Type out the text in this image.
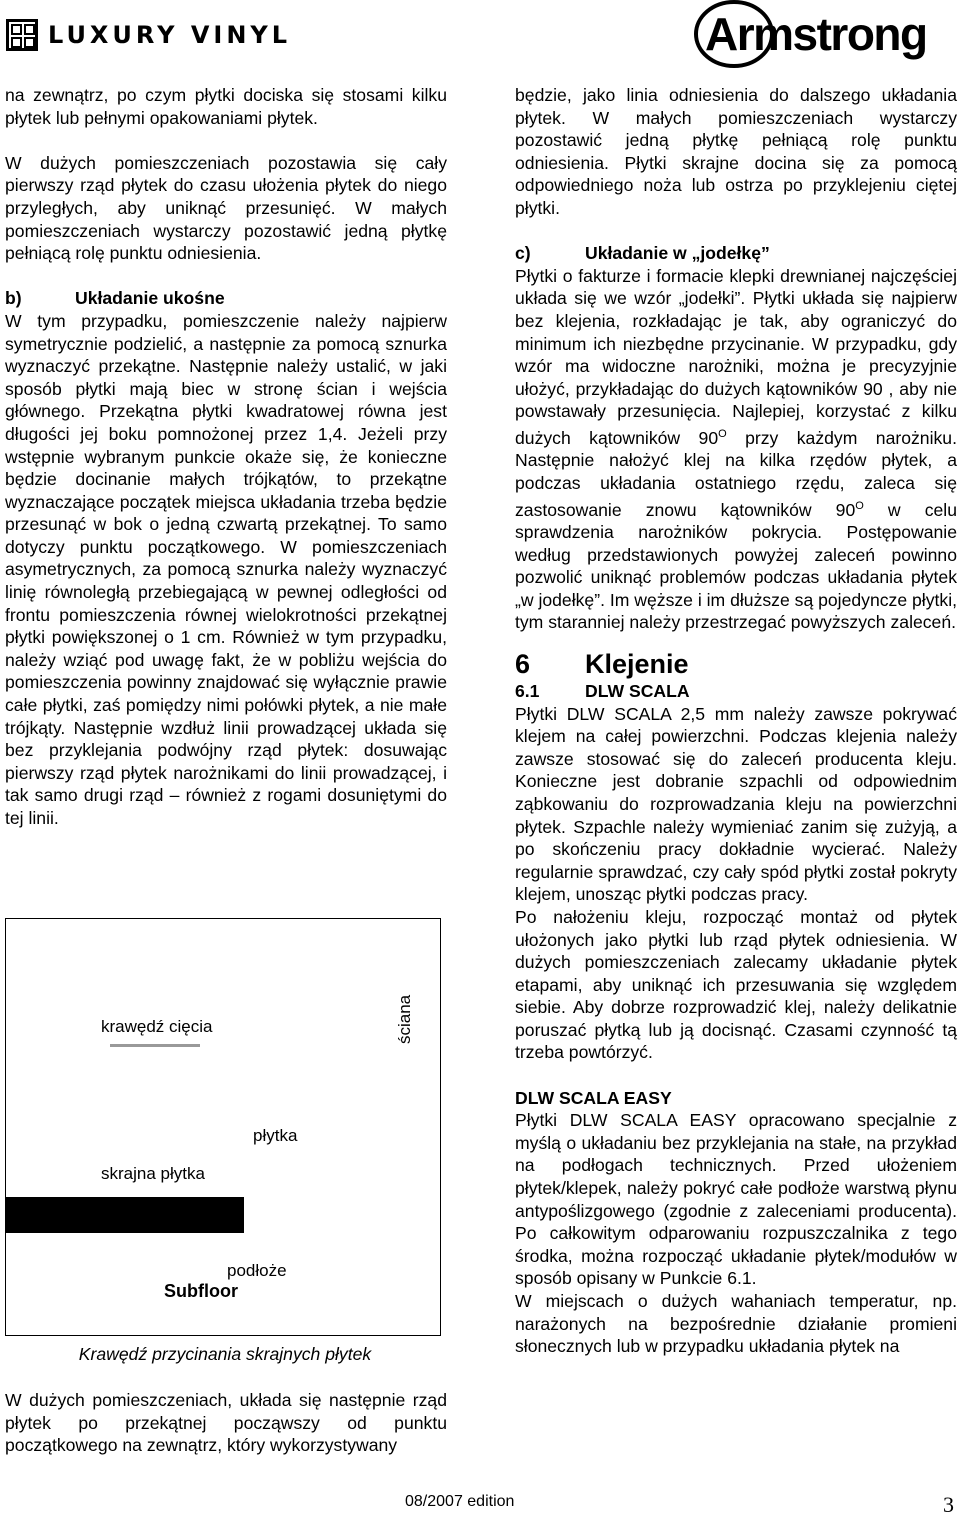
LUXURY VINYL	Armstrong

na zewnątrz, po czym płytki dociska się stosami kilku płytek lub pełnymi opakowaniami płytek.

W dużych pomieszczeniach pozostawia się cały pierwszy rząd płytek do czasu ułożenia płytek do niego przyległych, aby uniknąć przesunięć. W małych pomieszczeniach wystarczy pozostawić jedną płytkę pełniącą rolę punktu odniesienia.

b)	Układanie ukośne

W tym przypadku, pomieszczenie należy najpierw symetrycznie podzielić, a następnie za pomocą sznurka wyznaczyć przekątne. Następnie należy ustalić, w jaki sposób płytki mają biec w stronę ścian i wejścia głównego. Przekątna płytki kwadratowej równa jest długości jej boku pomnożonej przez 1,4. Jeżeli przy wstępnie wybranym punkcie okaże się, że konieczne będzie docinanie małych trójkątów, to przekątne wyznaczające początek miejsca układania trzeba będzie przesunąć w bok o jedną czwartą przekątnej. To samo dotyczy punktu początkowego. W pomieszczeniach asymetrycznych, za pomocą sznurka należy wyznaczyć linię równoległą przebiegającą w pewnej odległości od frontu pomieszczenia równej wielokrotności przekątnej płytki powiększonej o 1 cm. Również w tym przypadku, należy wziąć pod uwagę fakt, że w pobliżu wejścia do pomieszczenia powinny znajdować się wyłącznie prawie całe płytki, zaś pomiędzy nimi połówki płytek, a nie małe trójkąty. Następnie wzdłuż linii prowadzącej układa się bez przyklejania podwójny rząd płytek: dosuwając pierwszy rząd płytek narożnikami do linii prowadzącej, i tak samo drugi rząd – również z rogami dosuniętymi do tej linii.

ściana
krawędź cięcia
płytka
skrajna płytka
podłoże
Subfloor
Krawędź przycinania skrajnych płytek
W dużych pomieszczeniach, układa się następnie rząd płytek po przekątnej począwszy od punktu początkowego na zewnątrz, który wykorzystywany

będzie, jako linia odniesienia do dalszego układania płytek. W małych pomieszczeniach wystarczy pozostawić jedną płytkę pełniącą rolę punktu odniesienia. Płytki skrajne docina się za pomocą odpowiedniego noża lub ostrza po przyklejeniu ciętej płytki.

c)	Układanie w „jodełkę”

Płytki o fakturze i formacie klepki drewnianej najczęściej układa się we wzór „jodełki”. Płytki układa się najpierw bez klejenia, rozkładając je tak, aby ograniczyć do minimum ich niezbędne przycinanie. W przypadku, gdy wzór ma widoczne narożniki, można je precyzyjnie ułożyć, przykładając do dużych kątowników 90 , aby nie powstawały przesunięcia. Najlepiej, korzystać z kilku dużych kątowników $90^O$ przy każdym narożniku. Następnie nałożyć klej na kilka rzędów płytek, a podczas układania ostatniego rzędu, zaleca się zastosowanie znowu kątowników $90^O$ w celu sprawdzenia narożników pokrycia. Postępowanie według przedstawionych powyżej zaleceń powinno pozwolić uniknąć problemów podczas układania płytek „w jodełkę”. Im węższe i im dłuższe są pojedyncze płytki, tym staranniej należy przestrzegać powyższych zaleceń.

6	Klejenie
6.1	DLW SCALA

Płytki DLW SCALA 2,5 mm należy zawsze pokrywać klejem na całej powierzchni. Podczas klejenia należy zawsze stosować się do zaleceń producenta kleju. Konieczne jest dobranie szpachli od odpowiednim ząbkowaniu do rozprowadzania kleju na powierzchni płytek. Szpachle należy wymieniać zanim się zużyją, a po skończeniu pracy dokładnie wycierać. Należy regularnie sprawdzać, czy cały spód płytki został pokryty klejem, unosząc płytki podczas pracy.

Po nałożeniu kleju, rozpocząć montaż od płytek ułożonych jako płytki lub rząd płytek odniesienia. W dużych pomieszczeniach zalecamy układanie płytek etapami, aby uniknąć ich przesuwania się względem siebie. Aby dobrze rozprowadzić klej, należy delikatnie poruszać płytką lub ją docisnąć. Czasami czynność tą trzeba powtórzyć.

DLW SCALA EASY

Płytki DLW SCALA EASY opracowano specjalnie z myślą o układaniu bez przyklejania na stałe, na przykład na podłogach technicznych. Przed ułożeniem płytek/klepek, należy pokryć całe podłoże warstwą płynu antypoślizgowego (zgodnie z zaleceniami producenta). Po całkowitym odparowaniu rozpuszczalnika z tego środka, można rozpocząć układanie płytek/modułów w sposób opisany w Punkcie 6.1.

W miejscach o dużych wahaniach temperatur, np. narażonych na bezpośrednie działanie promieni słonecznych lub w przypadku układania płytek na

08/2007 edition	3
